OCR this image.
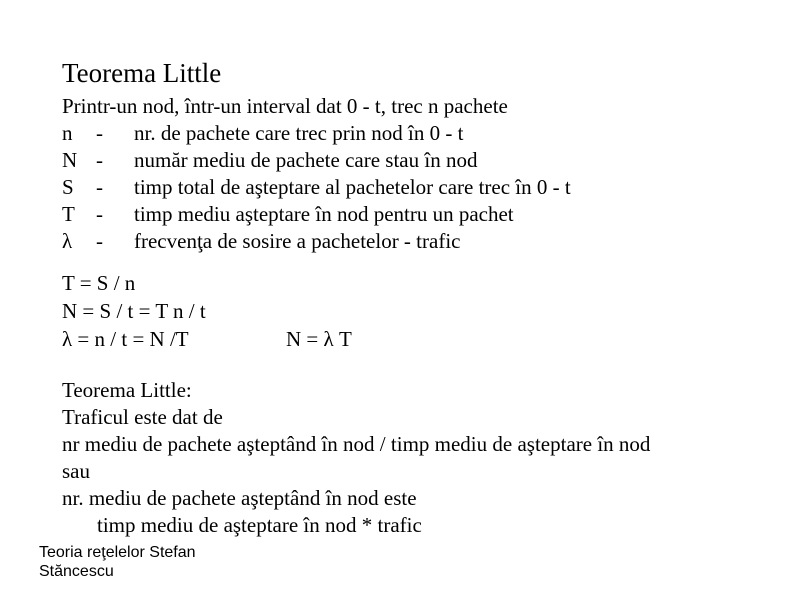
Teorema Little
Printr-un nod, într-un interval dat 0 - t, trec n pachete
n - nr. de pachete care trec prin nod în 0 - t
N - număr mediu de pachete care stau în nod
S - timp total de aşteptare al pachetelor care trec în 0 - t
T - timp mediu aşteptare în nod pentru un pachet
λ - frecvenţa de sosire a pachetelor - trafic
T = S / n
N = S / t = T n / t
λ = n / t = N /T	N = λ T
Teorema Little:
Traficul este dat de
nr mediu de pachete aşteptând în nod / timp mediu de aşteptare în nod
sau
nr. mediu de pachete aşteptând în nod este
timp mediu de aşteptare în nod * trafic
Teoria reţelelor Stefan
Stăncescu
